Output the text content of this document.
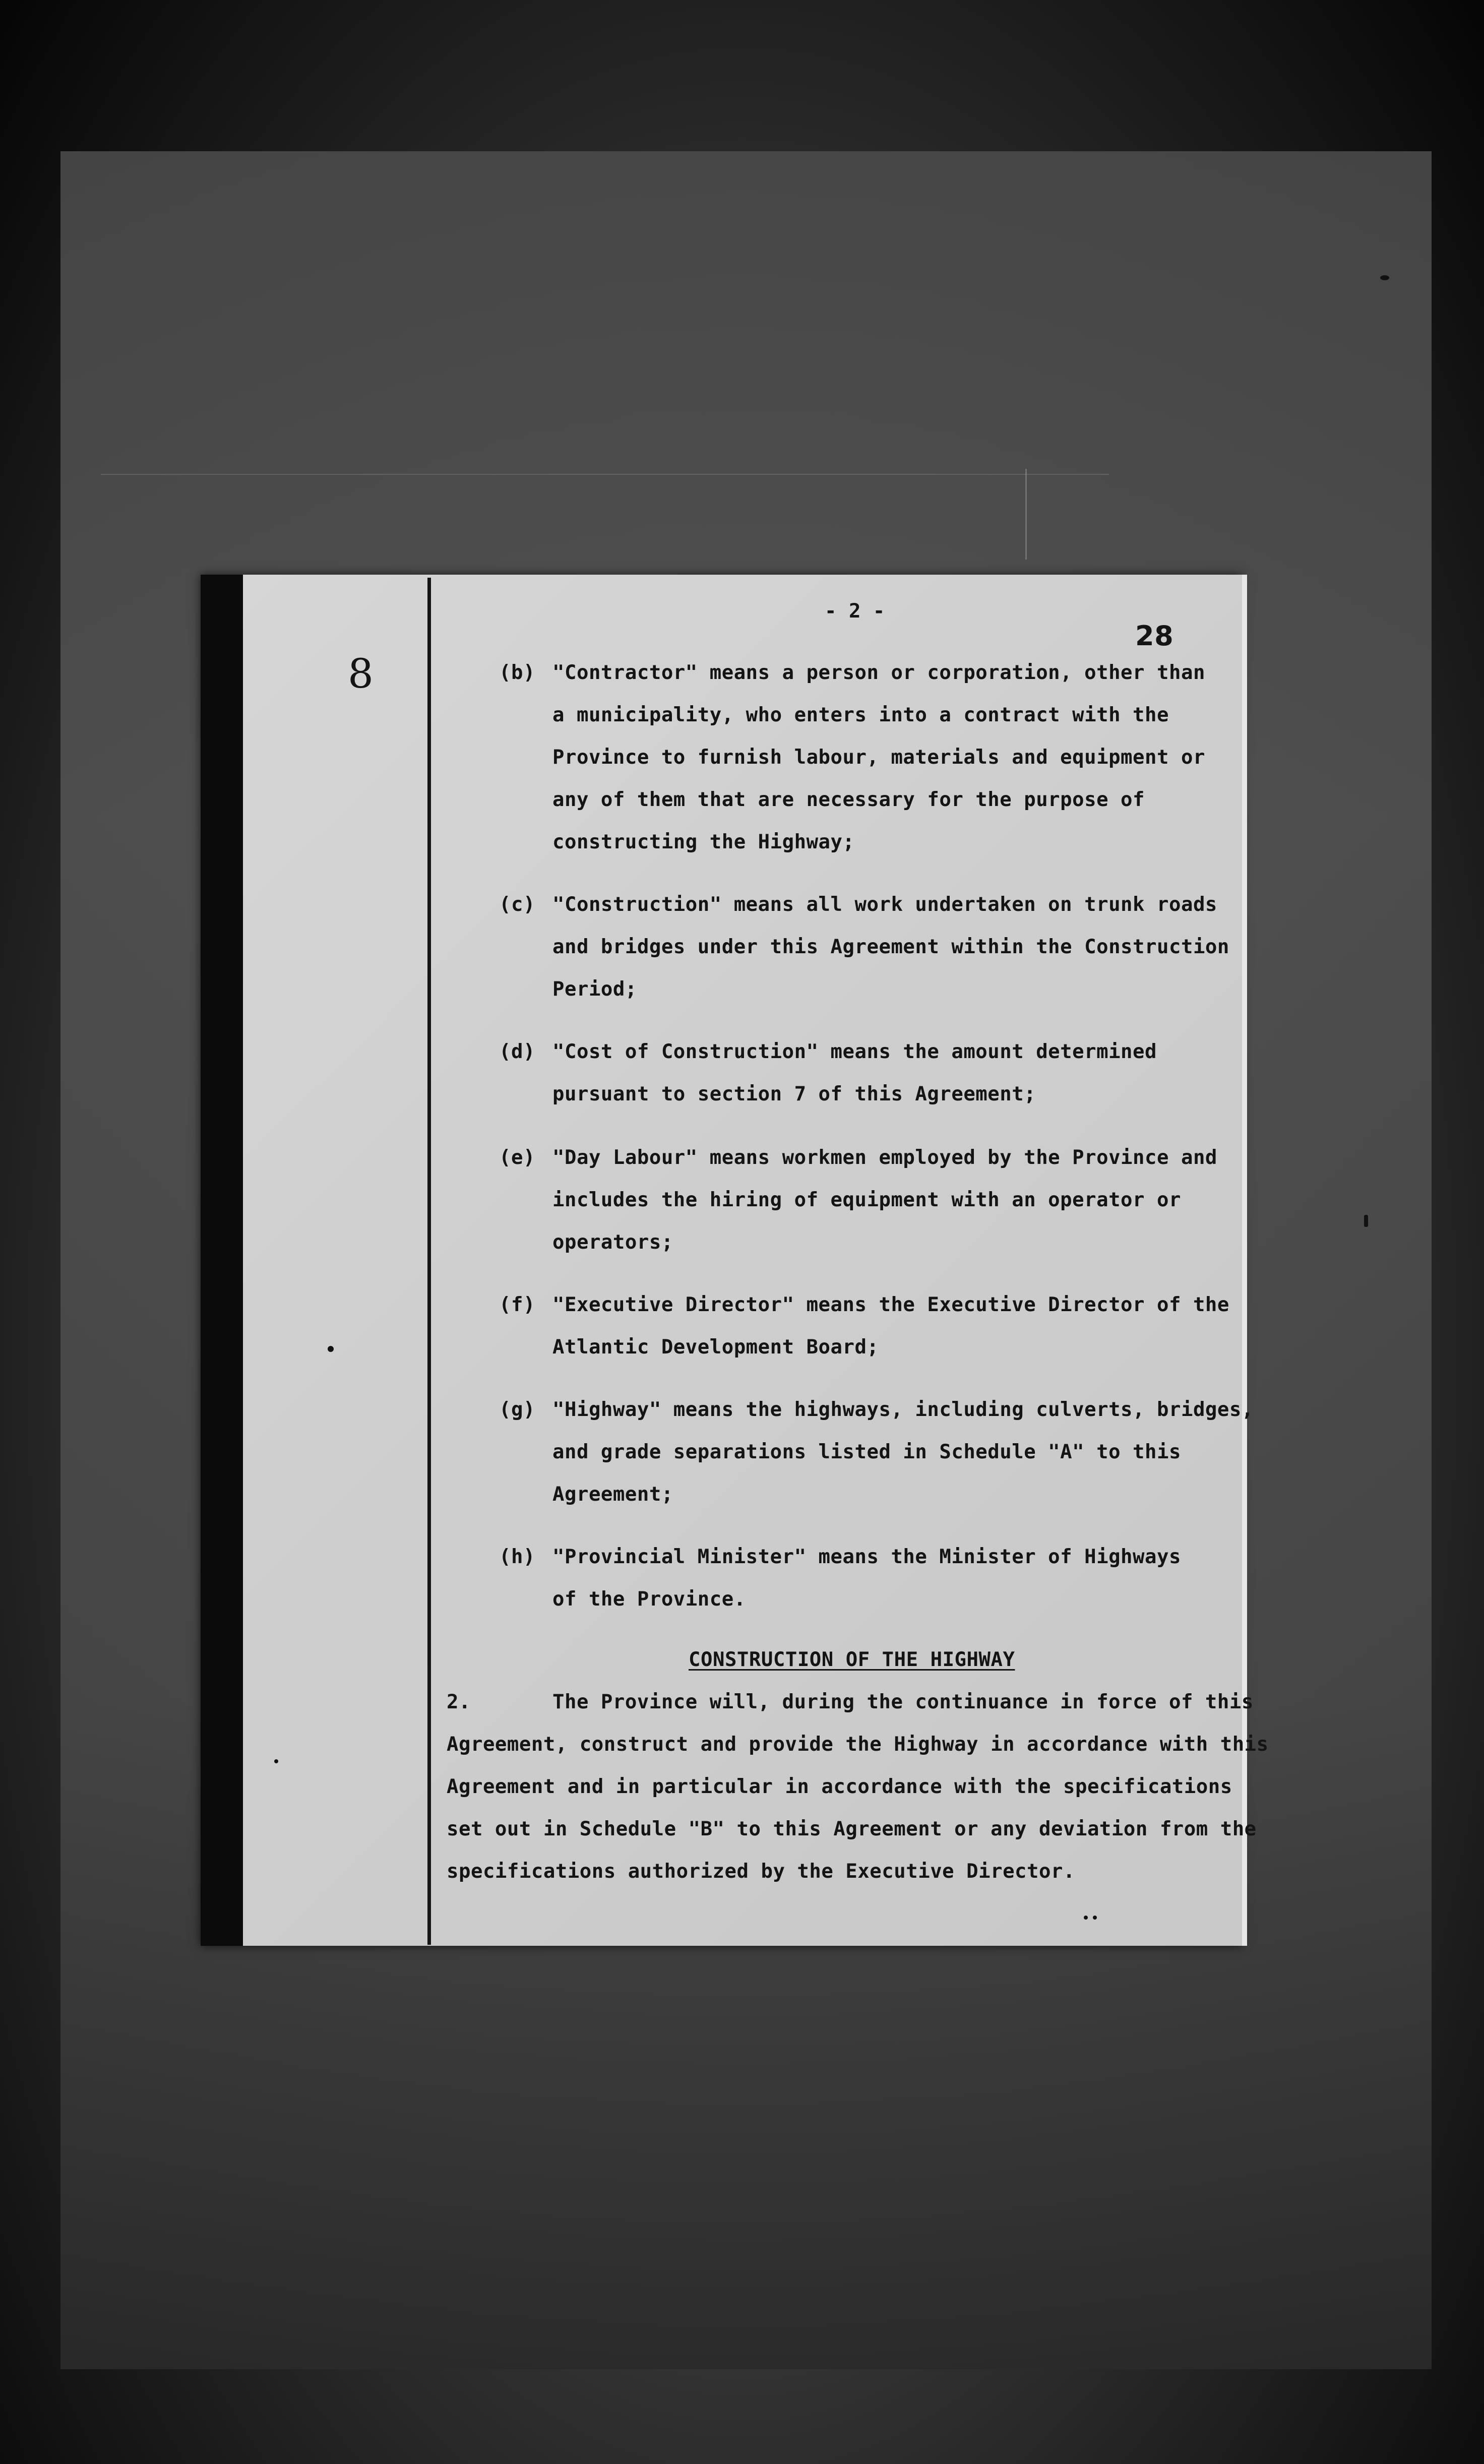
- 2 -
28
8	(b) "Contractor" means a person or corporation, other than
a municipality, who enters into a contract with the
Province to furnish labour, materials and equipment or
any of them that are necessary for the purpose of
constructing the Highway;
(c) "Construction" means all work undertaken on trunk roads
and bridges under this Agreement within the Construction
Period;
(d) "Cost of Construction" means the amount determined
pursuant to section 7 of this Agreement;
(e) "Day Labour" means workmen employed by the Province and
includes the hiring of equipment with an operator or
operators;
(f) "Executive Director" means the Executive Director of the
Atlantic Development Board;
(g) "Highway" means the highways, including culverts, bridges,
and grade separations listed in Schedule "A" to this
Agreement;
(h) "Provincial Minister" means the Minister of Highways
of the Province.
CONSTRUCTION OF THE HIGHWAY
2.	The Province will, during the continuance in force of this
Agreement, construct and provide the Highway in accordance with this
Agreement and in particular in accordance with the specifications
set out in Schedule "B" to this Agreement or any deviation from the
specifications authorized by the Executive Director.
